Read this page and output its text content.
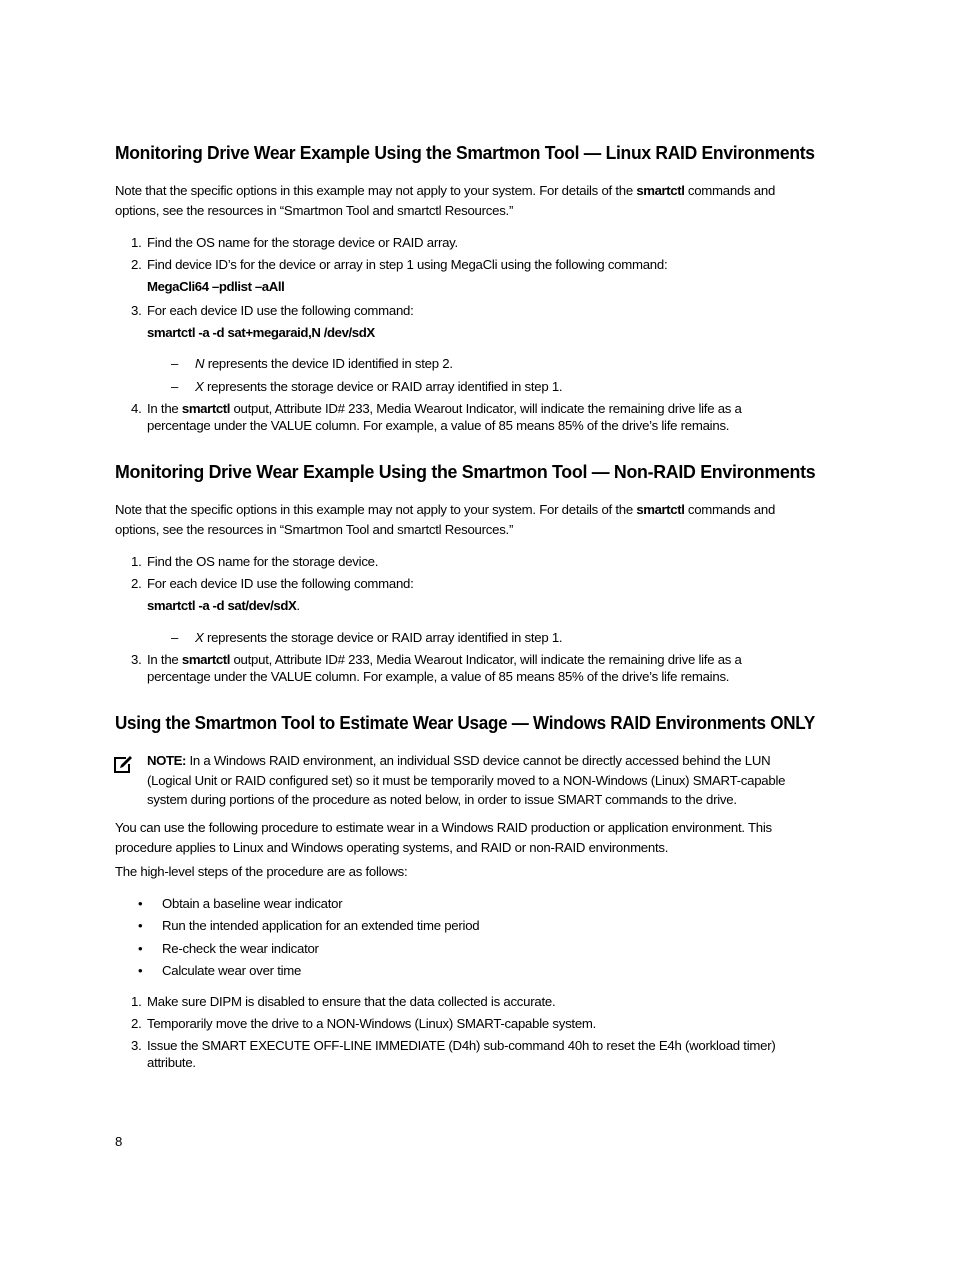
Monitoring Drive Wear Example Using the Smartmon Tool — Linux RAID Environments
Note that the specific options in this example may not apply to your system. For details of the smartctl commands and options, see the resources in “Smartmon Tool and smartctl Resources.”
1. Find the OS name for the storage device or RAID array.
2. Find device ID’s for the device or array in step 1 using MegaCli using the following command:
MegaCli64 –pdlist –aAll
3. For each device ID use the following command:
smartctl -a -d sat+megaraid,N /dev/sdX
– N represents the device ID identified in step 2.
– X represents the storage device or RAID array identified in step 1.
4. In the smartctl output, Attribute ID# 233, Media Wearout Indicator, will indicate the remaining drive life as a percentage under the VALUE column. For example, a value of 85 means 85% of the drive’s life remains.
Monitoring Drive Wear Example Using the Smartmon Tool — Non-RAID Environments
Note that the specific options in this example may not apply to your system. For details of the smartctl commands and options, see the resources in “Smartmon Tool and smartctl Resources.”
1. Find the OS name for the storage device.
2. For each device ID use the following command:
smartctl -a -d sat/dev/sdX.
– X represents the storage device or RAID array identified in step 1.
3. In the smartctl output, Attribute ID# 233, Media Wearout Indicator, will indicate the remaining drive life as a percentage under the VALUE column. For example, a value of 85 means 85% of the drive’s life remains.
Using the Smartmon Tool to Estimate Wear Usage — Windows RAID Environments ONLY
NOTE: In a Windows RAID environment, an individual SSD device cannot be directly accessed behind the LUN (Logical Unit or RAID configured set) so it must be temporarily moved to a NON-Windows (Linux) SMART-capable system during portions of the procedure as noted below, in order to issue SMART commands to the drive.
You can use the following procedure to estimate wear in a Windows RAID production or application environment. This procedure applies to Linux and Windows operating systems, and RAID or non-RAID environments.
The high-level steps of the procedure are as follows:
• Obtain a baseline wear indicator
• Run the intended application for an extended time period
• Re-check the wear indicator
• Calculate wear over time
1. Make sure DIPM is disabled to ensure that the data collected is accurate.
2. Temporarily move the drive to a NON-Windows (Linux) SMART-capable system.
3. Issue the SMART EXECUTE OFF-LINE IMMEDIATE (D4h) sub-command 40h to reset the E4h (workload timer) attribute.
8
